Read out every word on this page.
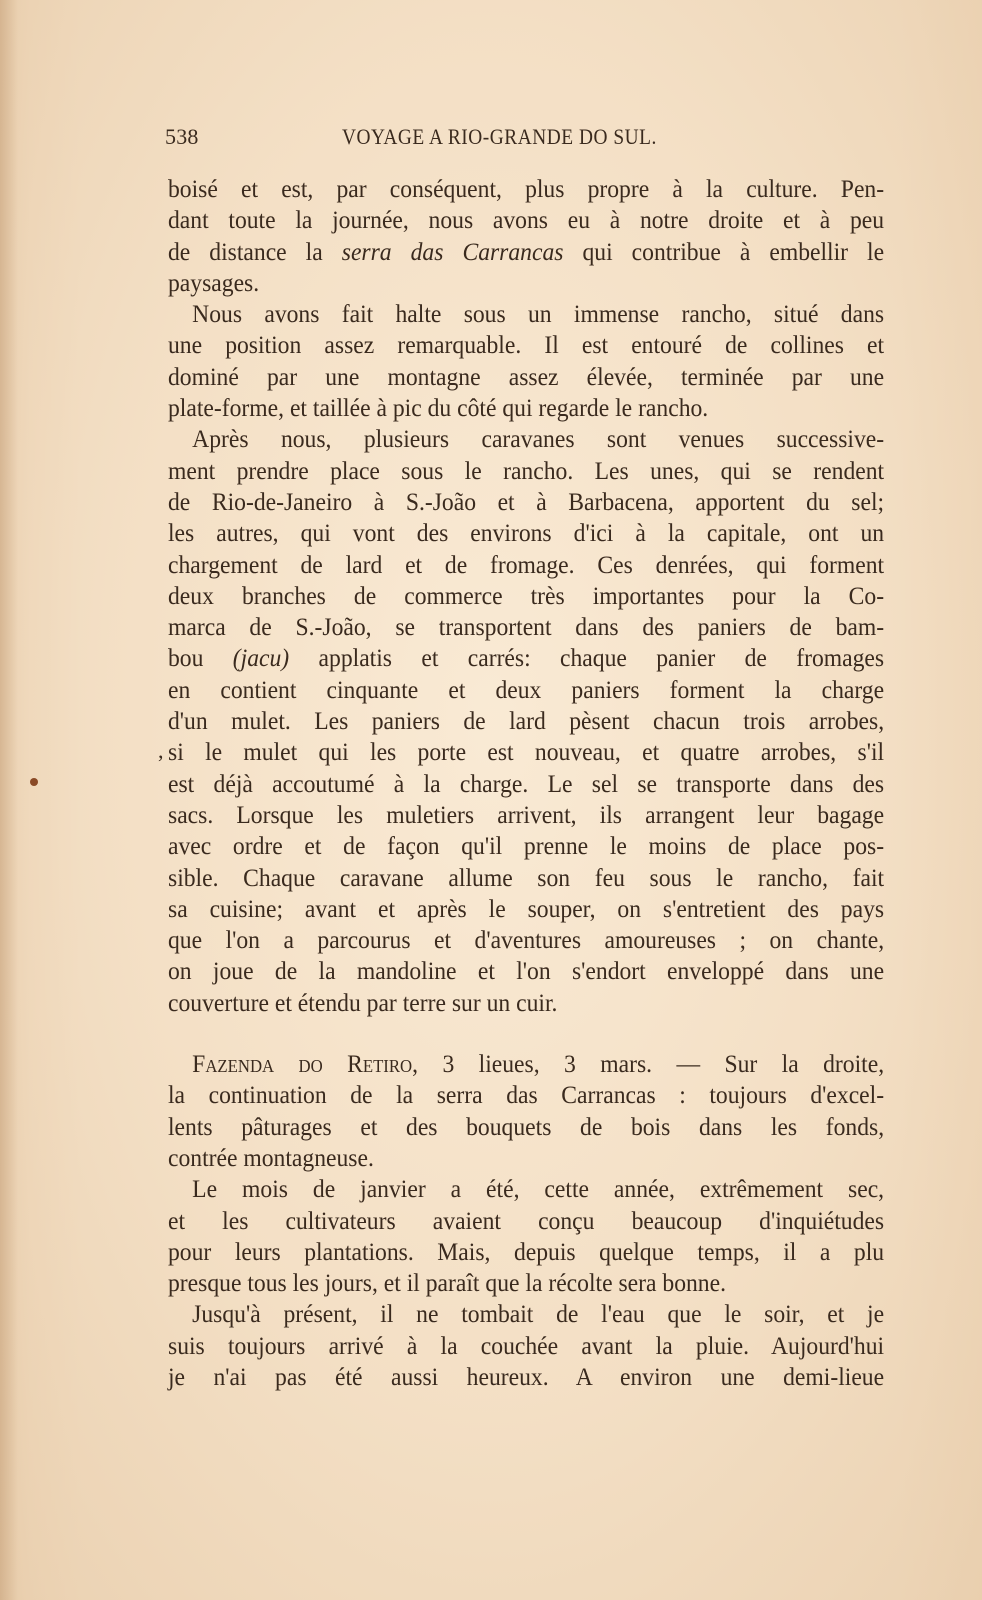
538	VOYAGE A RIO-GRANDE DO SUL.
,
boisé et est, par conséquent, plus propre à la culture. Pen-
dant toute la journée, nous avons eu à notre droite et à peu
de distance la serra das Carrancas qui contribue à embellir le
paysages.
Nous avons fait halte sous un immense rancho, situé dans
une position assez remarquable. Il est entouré de collines et
dominé par une montagne assez élevée, terminée par une
plate-forme, et taillée à pic du côté qui regarde le rancho.
Après nous, plusieurs caravanes sont venues successive-
ment prendre place sous le rancho. Les unes, qui se rendent
de Rio-de-Janeiro à S.-João et à Barbacena, apportent du sel;
les autres, qui vont des environs d'ici à la capitale, ont un
chargement de lard et de fromage. Ces denrées, qui forment
deux branches de commerce très importantes pour la Co-
marca de S.-João, se transportent dans des paniers de bam-
bou (jacu) applatis et carrés: chaque panier de fromages
en contient cinquante et deux paniers forment la charge
d'un mulet. Les paniers de lard pèsent chacun trois arrobes,
si le mulet qui les porte est nouveau, et quatre arrobes, s'il
est déjà accoutumé à la charge. Le sel se transporte dans des
sacs. Lorsque les muletiers arrivent, ils arrangent leur bagage
avec ordre et de façon qu'il prenne le moins de place pos-
sible. Chaque caravane allume son feu sous le rancho, fait
sa cuisine; avant et après le souper, on s'entretient des pays
que l'on a parcourus et d'aventures amoureuses ; on chante,
on joue de la mandoline et l'on s'endort enveloppé dans une
couverture et étendu par terre sur un cuir.
Fazenda do Retiro, 3 lieues, 3 mars. — Sur la droite,
la continuation de la serra das Carrancas : toujours d'excel-
lents pâturages et des bouquets de bois dans les fonds,
contrée montagneuse.
Le mois de janvier a été, cette année, extrêmement sec,
et les cultivateurs avaient conçu beaucoup d'inquiétudes
pour leurs plantations. Mais, depuis quelque temps, il a plu
presque tous les jours, et il paraît que la récolte sera bonne.
Jusqu'à présent, il ne tombait de l'eau que le soir, et je
suis toujours arrivé à la couchée avant la pluie. Aujourd'hui
je n'ai pas été aussi heureux. A environ une demi-lieue
